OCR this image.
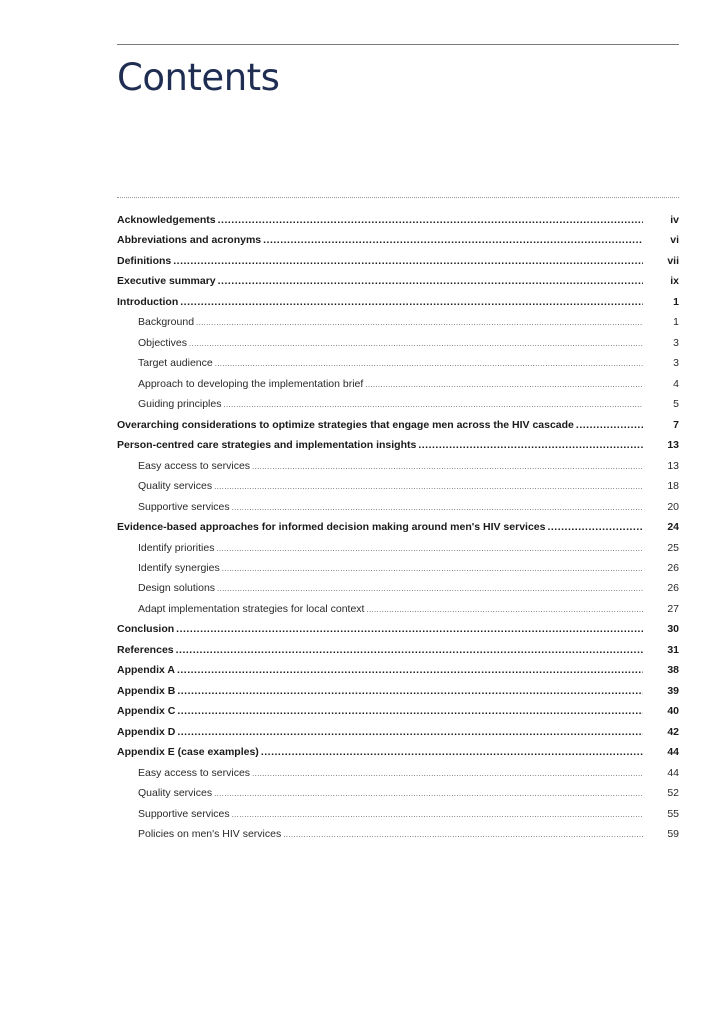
Contents
Acknowledgements .....	iv
Abbreviations and acronyms .....	vi
Definitions .....	vii
Executive summary .....	ix
Introduction .....	1
Background .....	1
Objectives .....	3
Target audience .....	3
Approach to developing the implementation brief .....	4
Guiding principles .....	5
Overarching considerations to optimize strategies that engage men across the HIV cascade .....	7
Person-centred care strategies and implementation insights .....	13
Easy access to services .....	13
Quality services .....	18
Supportive services .....	20
Evidence-based approaches for informed decision making around men's HIV services .....	24
Identify priorities .....	25
Identify synergies .....	26
Design solutions .....	26
Adapt implementation strategies for local context .....	27
Conclusion .....	30
References .....	31
Appendix A .....	38
Appendix B .....	39
Appendix C .....	40
Appendix D .....	42
Appendix E (case examples) .....	44
Easy access to services .....	44
Quality services .....	52
Supportive services .....	55
Policies on men's HIV services .....	59
